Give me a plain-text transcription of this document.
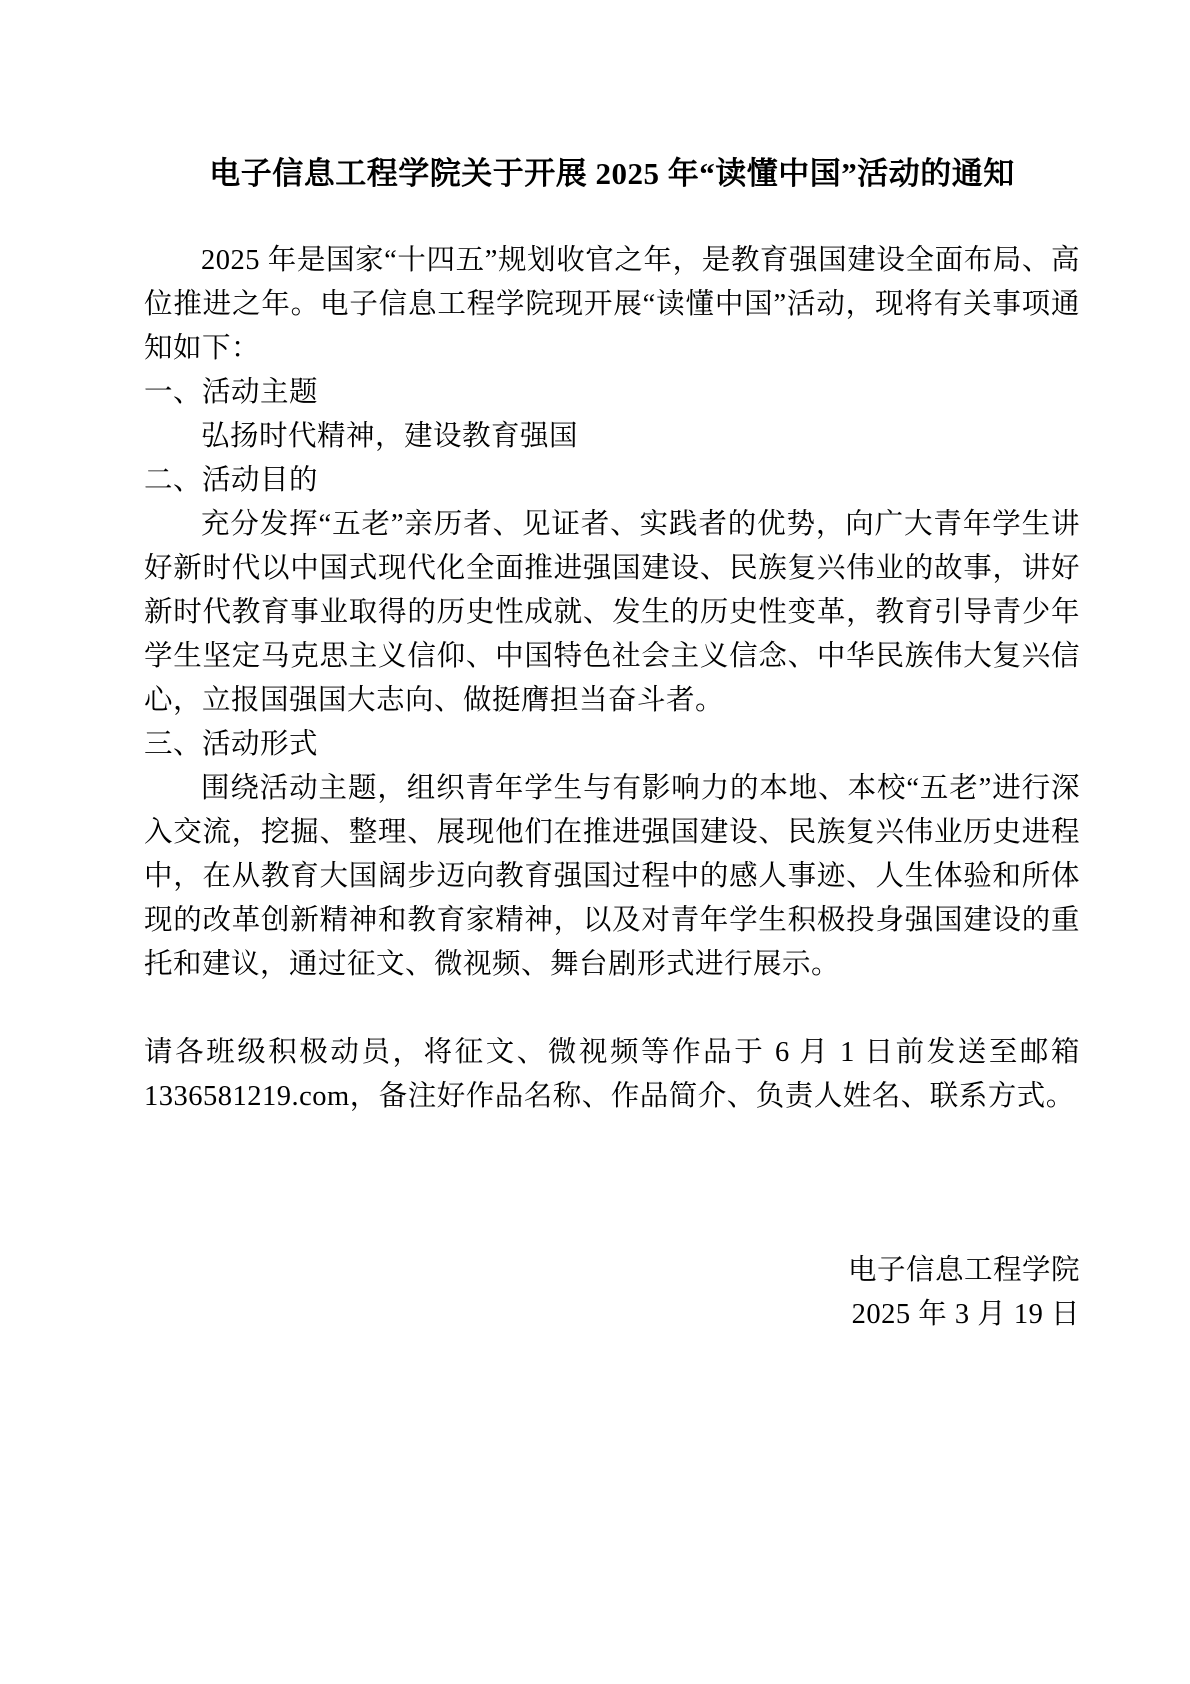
电子信息工程学院关于开展 2025 年“读懂中国”活动的通知

2025 年是国家“十四五”规划收官之年，是教育强国建设全面布局、高位推进之年。电子信息工程学院现开展“读懂中国”活动，现将有关事项通知如下：

一、活动主题

弘扬时代精神，建设教育强国

二、活动目的

充分发挥“五老”亲历者、见证者、实践者的优势，向广大青年学生讲好新时代以中国式现代化全面推进强国建设、民族复兴伟业的故事，讲好新时代教育事业取得的历史性成就、发生的历史性变革，教育引导青少年学生坚定马克思主义信仰、中国特色社会主义信念、中华民族伟大复兴信心，立报国强国大志向、做挺膺担当奋斗者。

三、活动形式

围绕活动主题，组织青年学生与有影响力的本地、本校“五老”进行深入交流，挖掘、整理、展现他们在推进强国建设、民族复兴伟业历史进程中，在从教育大国阔步迈向教育强国过程中的感人事迹、人生体验和所体现的改革创新精神和教育家精神，以及对青年学生积极投身强国建设的重托和建议，通过征文、微视频、舞台剧形式进行展示。

请各班级积极动员，将征文、微视频等作品于 6 月 1 日前发送至邮箱1336581219.com，备注好作品名称、作品简介、负责人姓名、联系方式。

电子信息工程学院

2025 年 3 月 19 日
